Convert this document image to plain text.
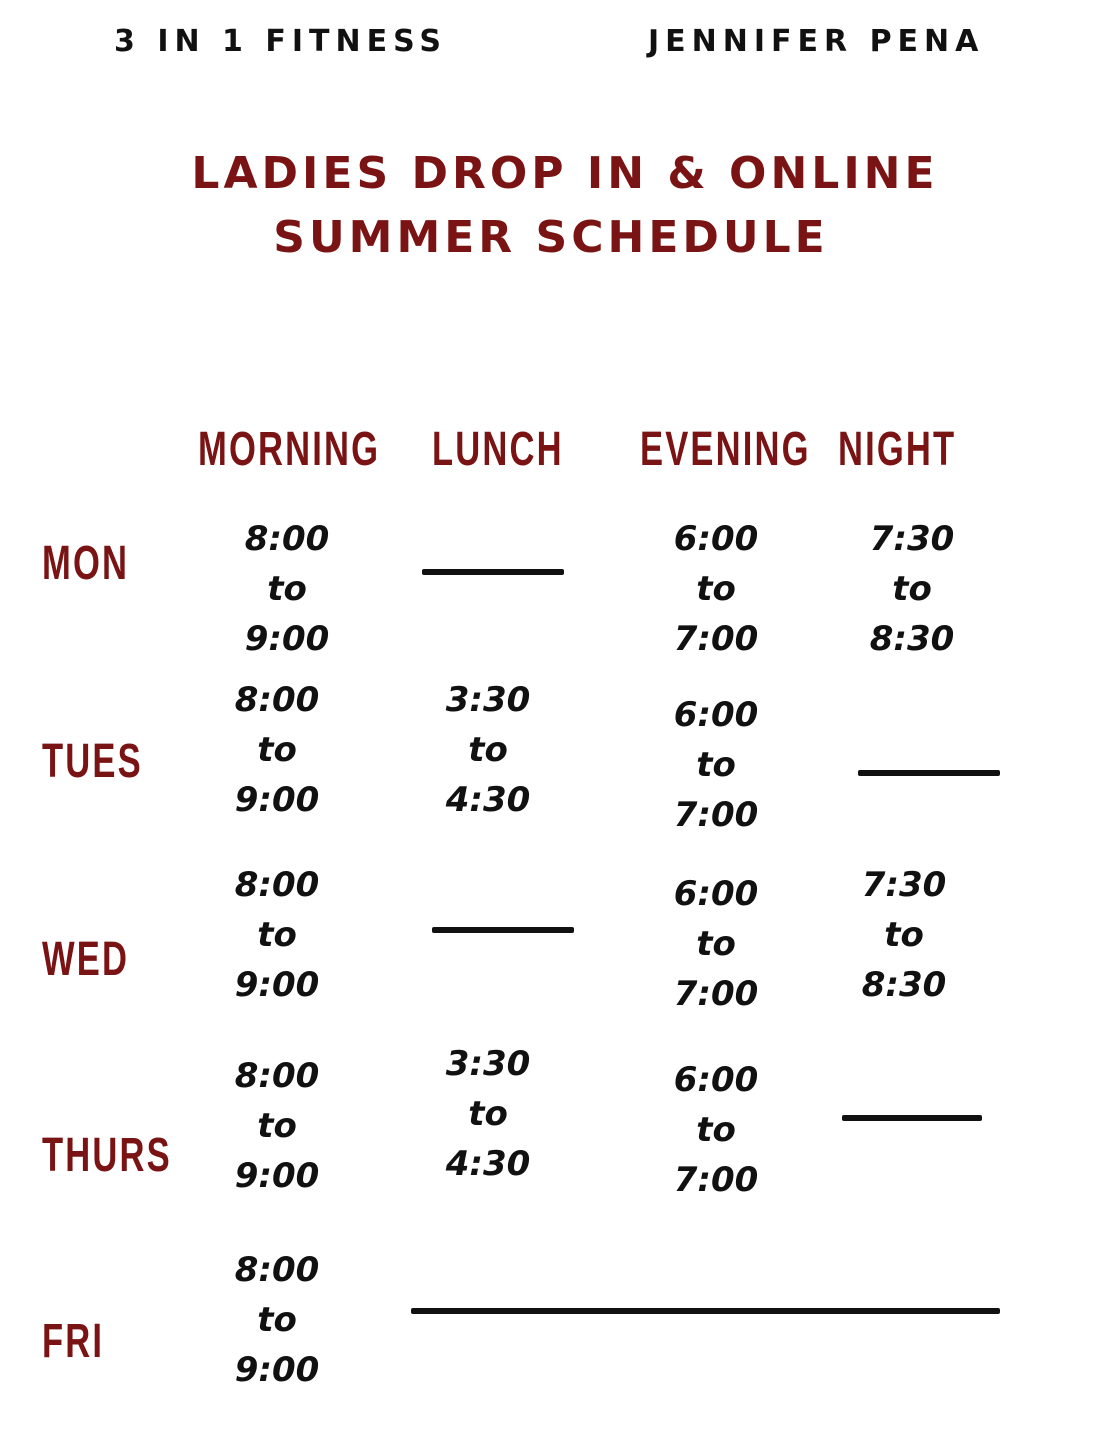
3 IN 1 FITNESS	JENNIFER PENA
LADIES DROP IN & ONLINE
SUMMER SCHEDULE
MORNING LUNCH EVENING NIGHT
MON
TUES
WED
THURS
FRI
8:00
to
9:00
6:00
to
7:00
7:30
to
8:30
8:00
to
9:00
3:30
to
4:30
6:00
to
7:00
8:00
to
9:00
6:00
to
7:00
7:30
to
8:30
8:00
to
9:00
3:30
to
4:30
6:00
to
7:00
8:00
to
9:00
